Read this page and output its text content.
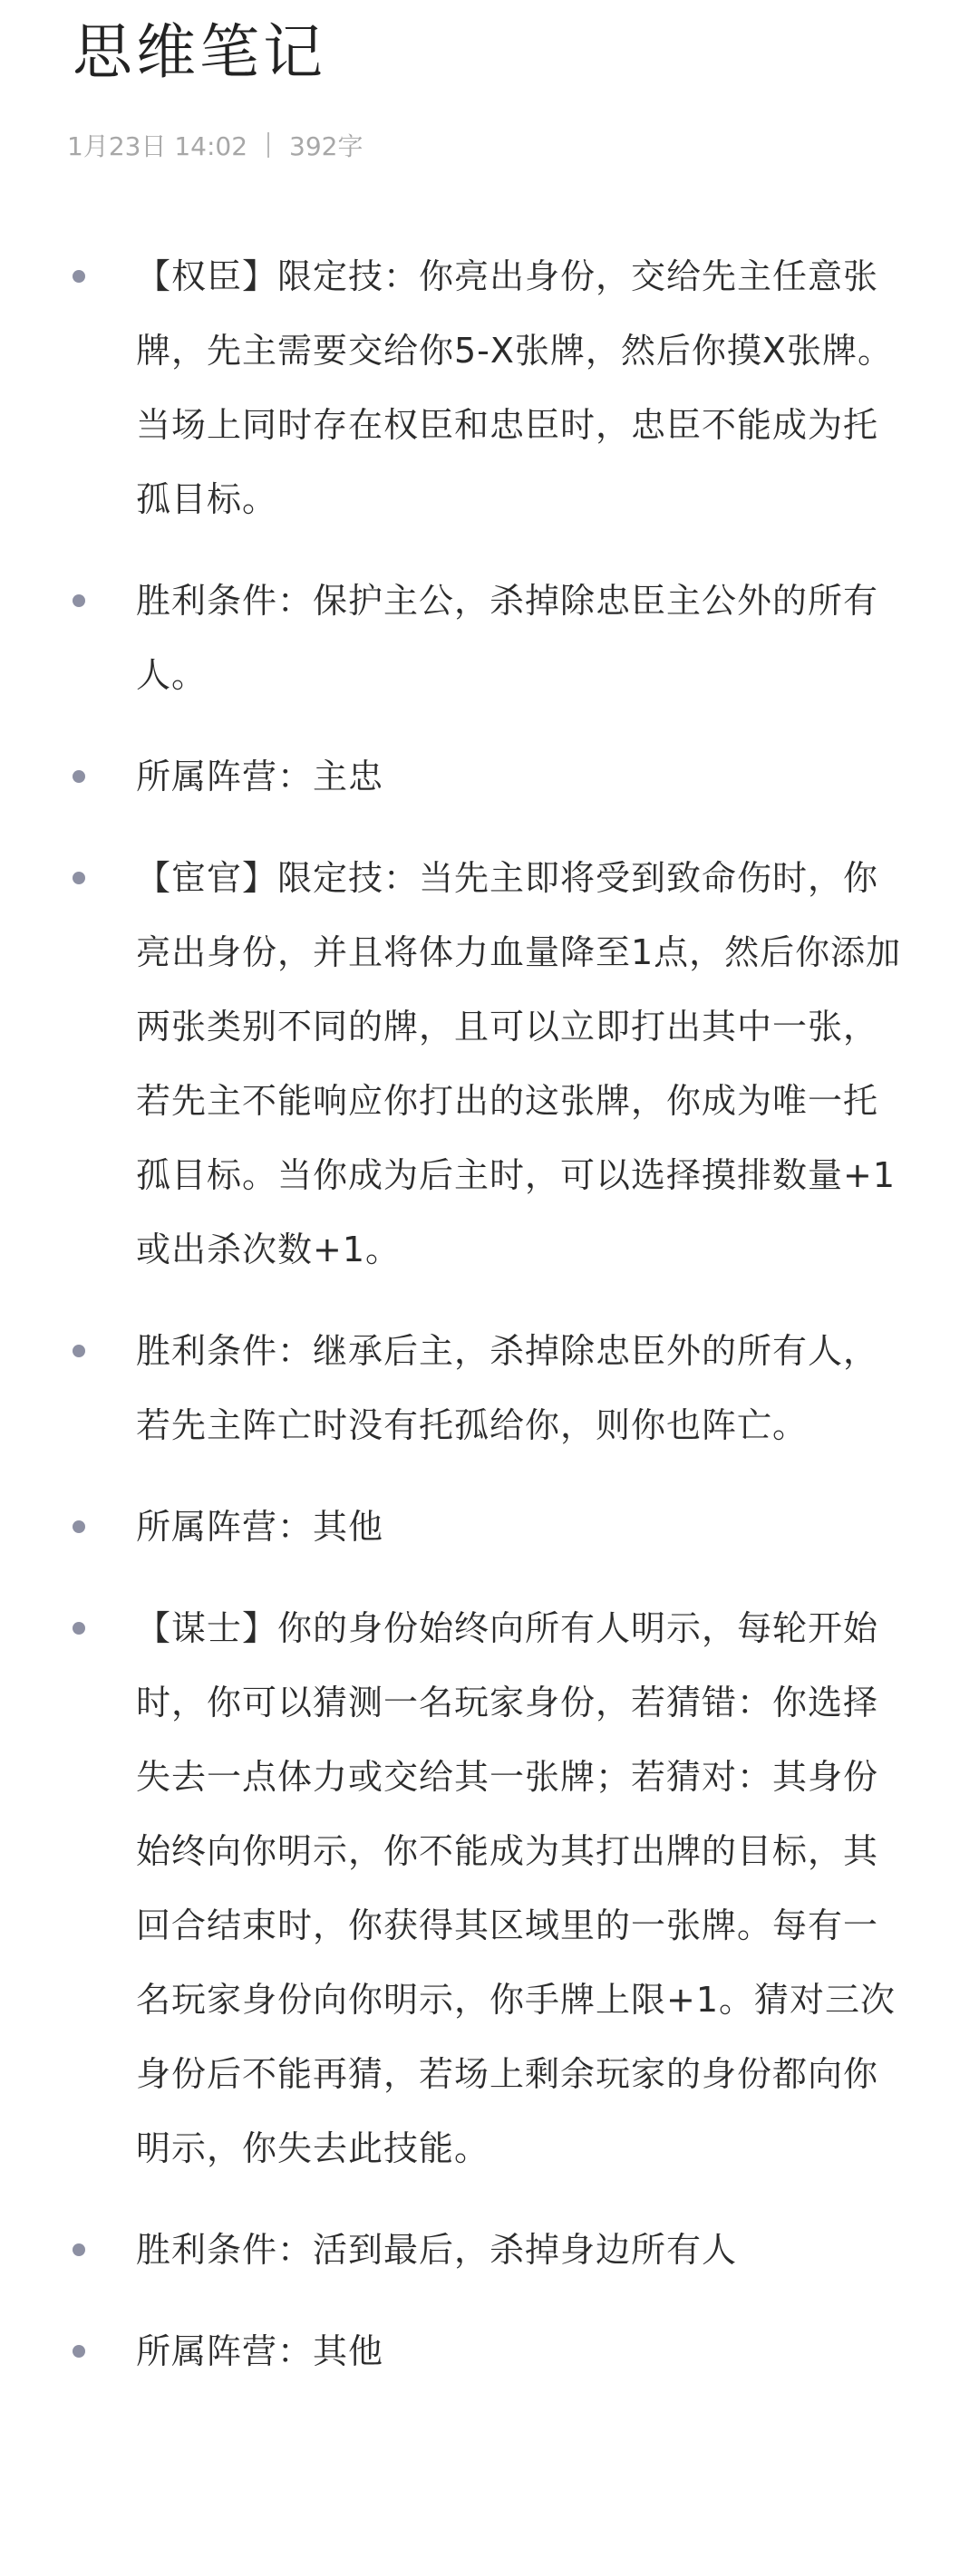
思维笔记
1月23日 14:02 392字
【权臣】限定技：你亮出身份，交给先主任意张牌，先主需要交给你5-X张牌，然后你摸X张牌。当场上同时存在权臣和忠臣时，忠臣不能成为托孤目标。
胜利条件：保护主公，杀掉除忠臣主公外的所有人。
所属阵营：主忠
【宦官】限定技：当先主即将受到致命伤时，你亮出身份，并且将体力血量降至1点，然后你添加两张类别不同的牌，且可以立即打出其中一张，若先主不能响应你打出的这张牌，你成为唯一托孤目标。当你成为后主时，可以选择摸排数量+1或出杀次数+1。
胜利条件：继承后主，杀掉除忠臣外的所有人，若先主阵亡时没有托孤给你，则你也阵亡。
所属阵营：其他
【谋士】你的身份始终向所有人明示，每轮开始时，你可以猜测一名玩家身份，若猜错：你选择失去一点体力或交给其一张牌；若猜对：其身份始终向你明示，你不能成为其打出牌的目标，其回合结束时，你获得其区域里的一张牌。每有一名玩家身份向你明示，你手牌上限+1。猜对三次身份后不能再猜，若场上剩余玩家的身份都向你明示，你失去此技能。
胜利条件：活到最后，杀掉身边所有人
所属阵营：其他
